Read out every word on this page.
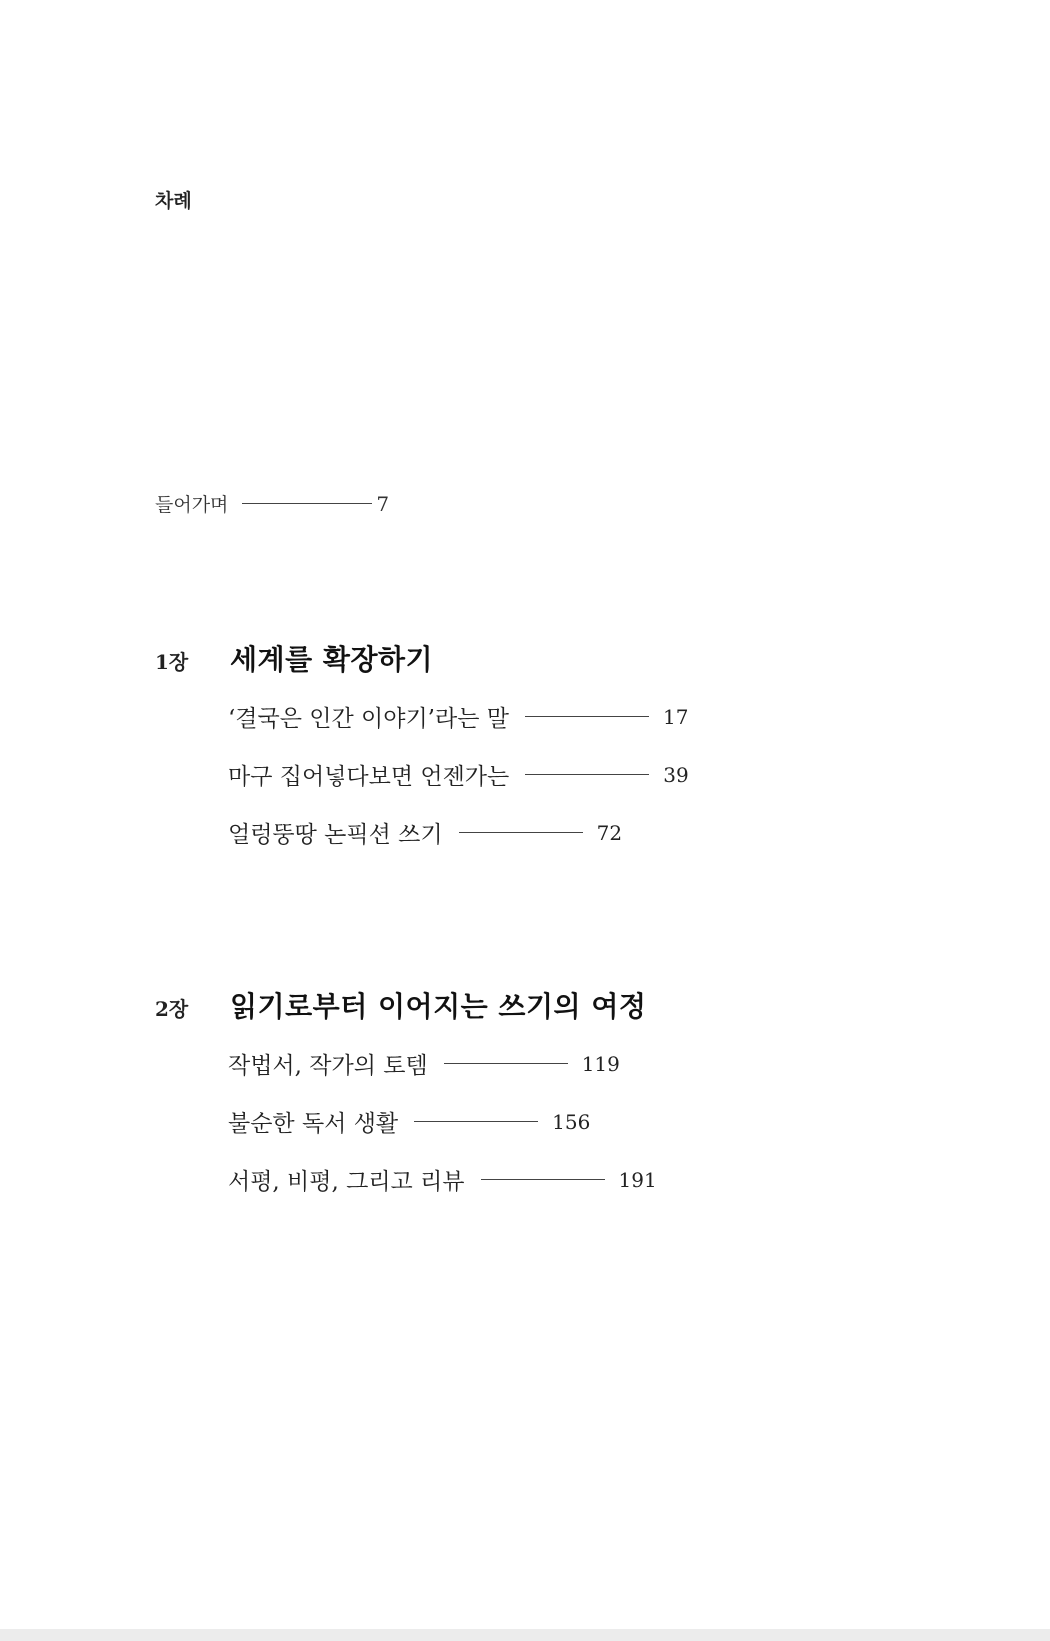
차례
들어가며	7
1장	세계를 확장하기
‘결국은 인간 이야기’라는 말	17
마구 집어넣다보면 언젠가는	39
얼렁뚱땅 논픽션 쓰기	72
2장	읽기로부터 이어지는 쓰기의 여정
작법서, 작가의 토템	119
불순한 독서 생활	156
서평, 비평, 그리고 리뷰	191
